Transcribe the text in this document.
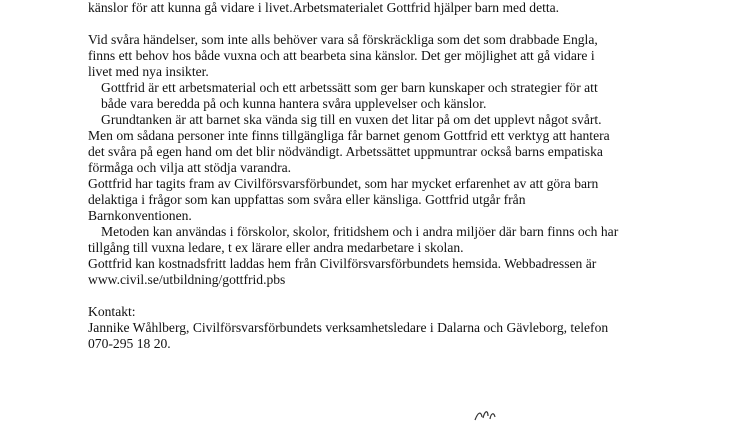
känslor för att kunna gå vidare i livet.Arbetsmaterialet Gottfrid hjälper barn med detta.
Vid svåra händelser, som inte alls behöver vara så förskräckliga som det som drabbade Engla,
finns ett behov hos både vuxna och att bearbeta sina känslor. Det ger möjlighet att gå vidare i
livet med nya insikter.
Gottfrid är ett arbetsmaterial och ett arbetssätt som ger barn kunskaper och strategier för att
både vara beredda på och kunna hantera svåra upplevelser och känslor.
Grundtanken är att barnet ska vända sig till en vuxen det litar på om det upplevt något svårt.
Men om sådana personer inte finns tillgängliga får barnet genom Gottfrid ett verktyg att hantera
det svåra på egen hand om det blir nödvändigt. Arbetssättet uppmuntrar också barns empatiska
förmåga och vilja att stödja varandra.
Gottfrid har tagits fram av Civilförsvarsförbundet, som har mycket erfarenhet av att göra barn
delaktiga i frågor som kan uppfattas som svåra eller känsliga. Gottfrid utgår från
Barnkonventionen.
Metoden kan användas i förskolor, skolor, fritidshem och i andra miljöer där barn finns och har
tillgång till vuxna ledare, t ex lärare eller andra medarbetare i skolan.
Gottfrid kan kostnadsfritt laddas hem från Civilförsvarsförbundets hemsida. Webbadressen är
www.civil.se/utbildning/gottfrid.pbs
Kontakt:
Jannike Wåhlberg, Civilförsvarsförbundets verksamhetsledare i Dalarna och Gävleborg, telefon
070-295 18 20.
